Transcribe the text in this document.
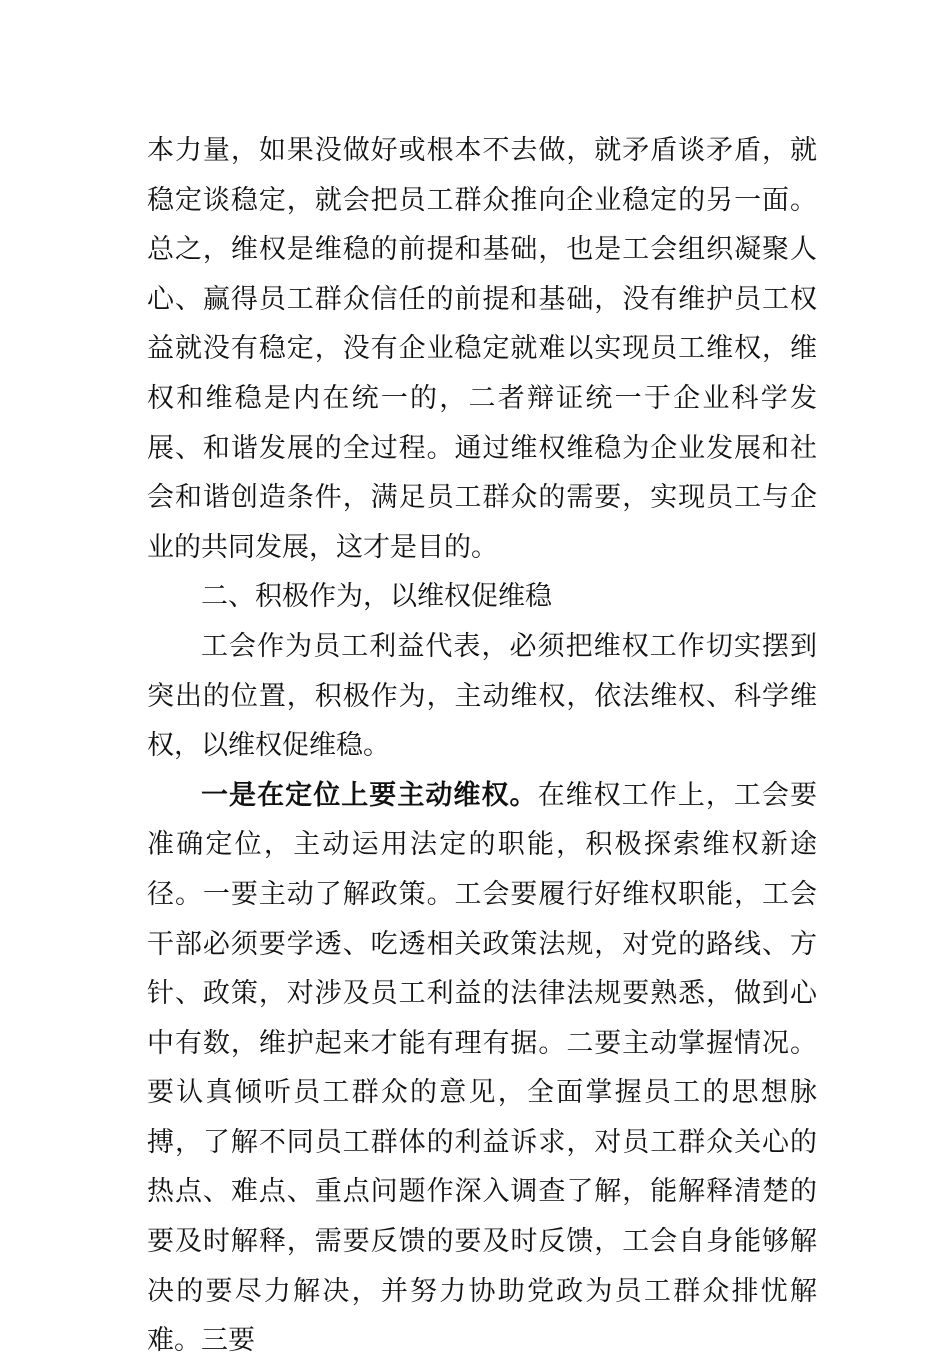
本力量，如果没做好或根本不去做，就矛盾谈矛盾，就稳定谈稳定，就会把员工群众推向企业稳定的另一面。总之，维权是维稳的前提和基础，也是工会组织凝聚人心、赢得员工群众信任的前提和基础，没有维护员工权益就没有稳定，没有企业稳定就难以实现员工维权，维权和维稳是内在统一的，二者辩证统一于企业科学发展、和谐发展的全过程。通过维权维稳为企业发展和社会和谐创造条件，满足员工群众的需要，实现员工与企业的共同发展，这才是目的。

二、积极作为，以维权促维稳

工会作为员工利益代表，必须把维权工作切实摆到突出的位置，积极作为，主动维权，依法维权、科学维权，以维权促维稳。

一是在定位上要主动维权。在维权工作上，工会要准确定位，主动运用法定的职能，积极探索维权新途径。一要主动了解政策。工会要履行好维权职能，工会干部必须要学透、吃透相关政策法规，对党的路线、方针、政策，对涉及员工利益的法律法规要熟悉，做到心中有数，维护起来才能有理有据。二要主动掌握情况。要认真倾听员工群众的意见，全面掌握员工的思想脉搏，了解不同员工群体的利益诉求，对员工群众关心的热点、难点、重点问题作深入调查了解，能解释清楚的要及时解释，需要反馈的要及时反馈，工会自身能够解决的要尽力解决，并努力协助党政为员工群众排忧解难。三要
